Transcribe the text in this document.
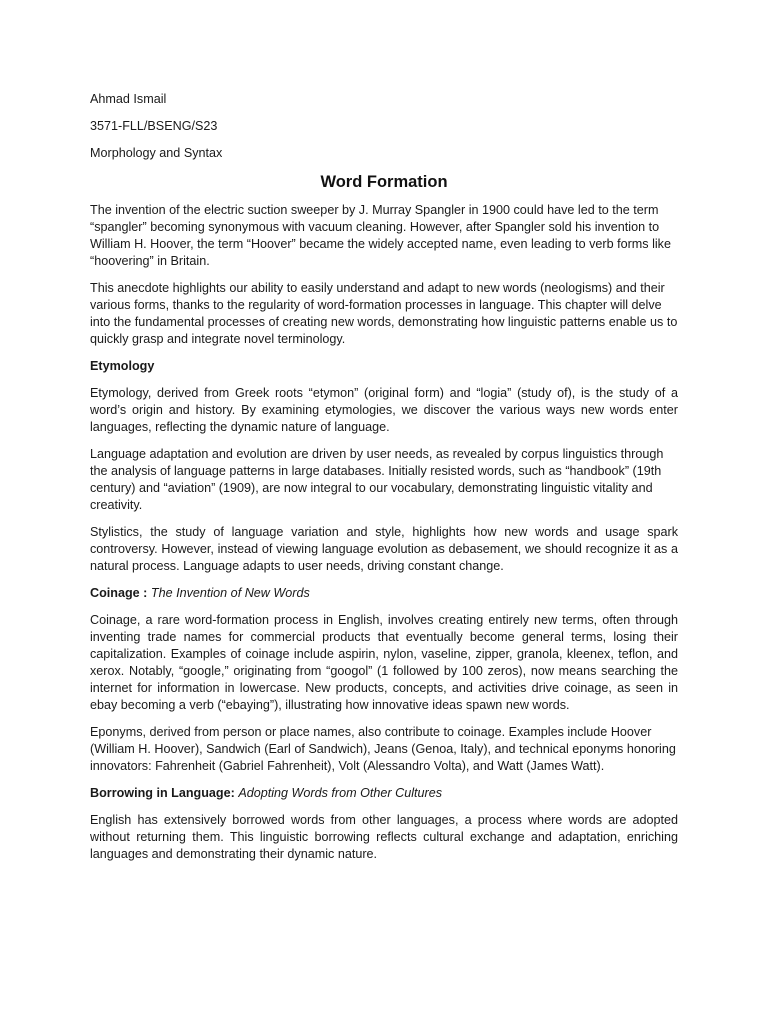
Ahmad Ismail
3571-FLL/BSENG/S23
Morphology and Syntax
Word Formation

The invention of the electric suction sweeper by J. Murray Spangler in 1900 could have led to the term “spangler” becoming synonymous with vacuum cleaning. However, after Spangler sold his invention to William H. Hoover, the term “Hoover” became the widely accepted name, even leading to verb forms like “hoovering” in Britain.

This anecdote highlights our ability to easily understand and adapt to new words (neologisms) and their various forms, thanks to the regularity of word-formation processes in language. This chapter will delve into the fundamental processes of creating new words, demonstrating how linguistic patterns enable us to quickly grasp and integrate novel terminology.

Etymology

Etymology, derived from Greek roots “etymon” (original form) and “logia” (study of), is the study of a word’s origin and history. By examining etymologies, we discover the various ways new words enter languages, reflecting the dynamic nature of language.

Language adaptation and evolution are driven by user needs, as revealed by corpus linguistics through the analysis of language patterns in large databases. Initially resisted words, such as “handbook” (19th century) and “aviation” (1909), are now integral to our vocabulary, demonstrating linguistic vitality and creativity.

Stylistics, the study of language variation and style, highlights how new words and usage spark controversy. However, instead of viewing language evolution as debasement, we should recognize it as a natural process. Language adapts to user needs, driving constant change.

Coinage : The Invention of New Words

Coinage, a rare word-formation process in English, involves creating entirely new terms, often through inventing trade names for commercial products that eventually become general terms, losing their capitalization. Examples of coinage include aspirin, nylon, vaseline, zipper, granola, kleenex, teflon, and xerox. Notably, “google,” originating from “googol” (1 followed by 100 zeros), now means searching the internet for information in lowercase. New products, concepts, and activities drive coinage, as seen in ebay becoming a verb (“ebaying”), illustrating how innovative ideas spawn new words.

Eponyms, derived from person or place names, also contribute to coinage. Examples include Hoover (William H. Hoover), Sandwich (Earl of Sandwich), Jeans (Genoa, Italy), and technical eponyms honoring innovators: Fahrenheit (Gabriel Fahrenheit), Volt (Alessandro Volta), and Watt (James Watt).

Borrowing in Language: Adopting Words from Other Cultures

English has extensively borrowed words from other languages, a process where words are adopted without returning them. This linguistic borrowing reflects cultural exchange and adaptation, enriching languages and demonstrating their dynamic nature.
